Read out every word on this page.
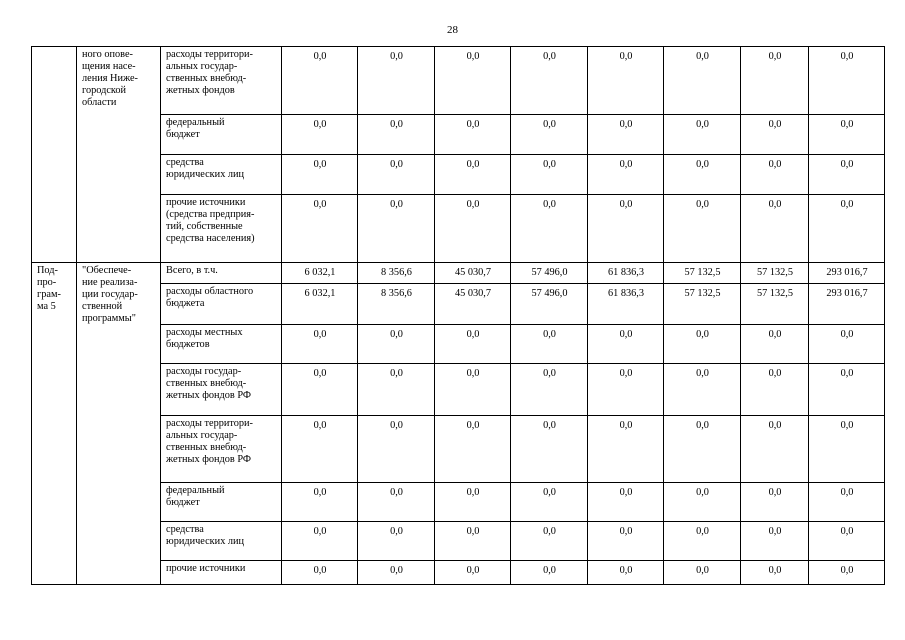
28
	ного опове-
щения насе-
ления Ниже-
городской
области	расходы территори-
альных государ-
ственных внебюд-
жетных фондов	0,0	0,0	0,0	0,0	0,0	0,0	0,0	0,0
		федеральный
бюджет	0,0	0,0	0,0	0,0	0,0	0,0	0,0	0,0
		средства
юридических лиц	0,0	0,0	0,0	0,0	0,0	0,0	0,0	0,0
		прочие источники
(средства предприя-
тий, собственные
средства населения)	0,0	0,0	0,0	0,0	0,0	0,0	0,0	0,0
Под-
про-
грам-
ма 5	"Обеспече-
ние реализа-
ции государ-
ственной
программы"	Всего, в т.ч.	6 032,1	8 356,6	45 030,7	57 496,0	61 836,3	57 132,5	57 132,5	293 016,7
		расходы областного
бюджета	6 032,1	8 356,6	45 030,7	57 496,0	61 836,3	57 132,5	57 132,5	293 016,7
		расходы местных
бюджетов	0,0	0,0	0,0	0,0	0,0	0,0	0,0	0,0
		расходы государ-
ственных внебюд-
жетных фондов РФ	0,0	0,0	0,0	0,0	0,0	0,0	0,0	0,0
		расходы территори-
альных государ-
ственных внебюд-
жетных фондов РФ	0,0	0,0	0,0	0,0	0,0	0,0	0,0	0,0
		федеральный
бюджет	0,0	0,0	0,0	0,0	0,0	0,0	0,0	0,0
		средства
юридических лиц	0,0	0,0	0,0	0,0	0,0	0,0	0,0	0,0
		прочие источники	0,0	0,0	0,0	0,0	0,0	0,0	0,0	0,0
